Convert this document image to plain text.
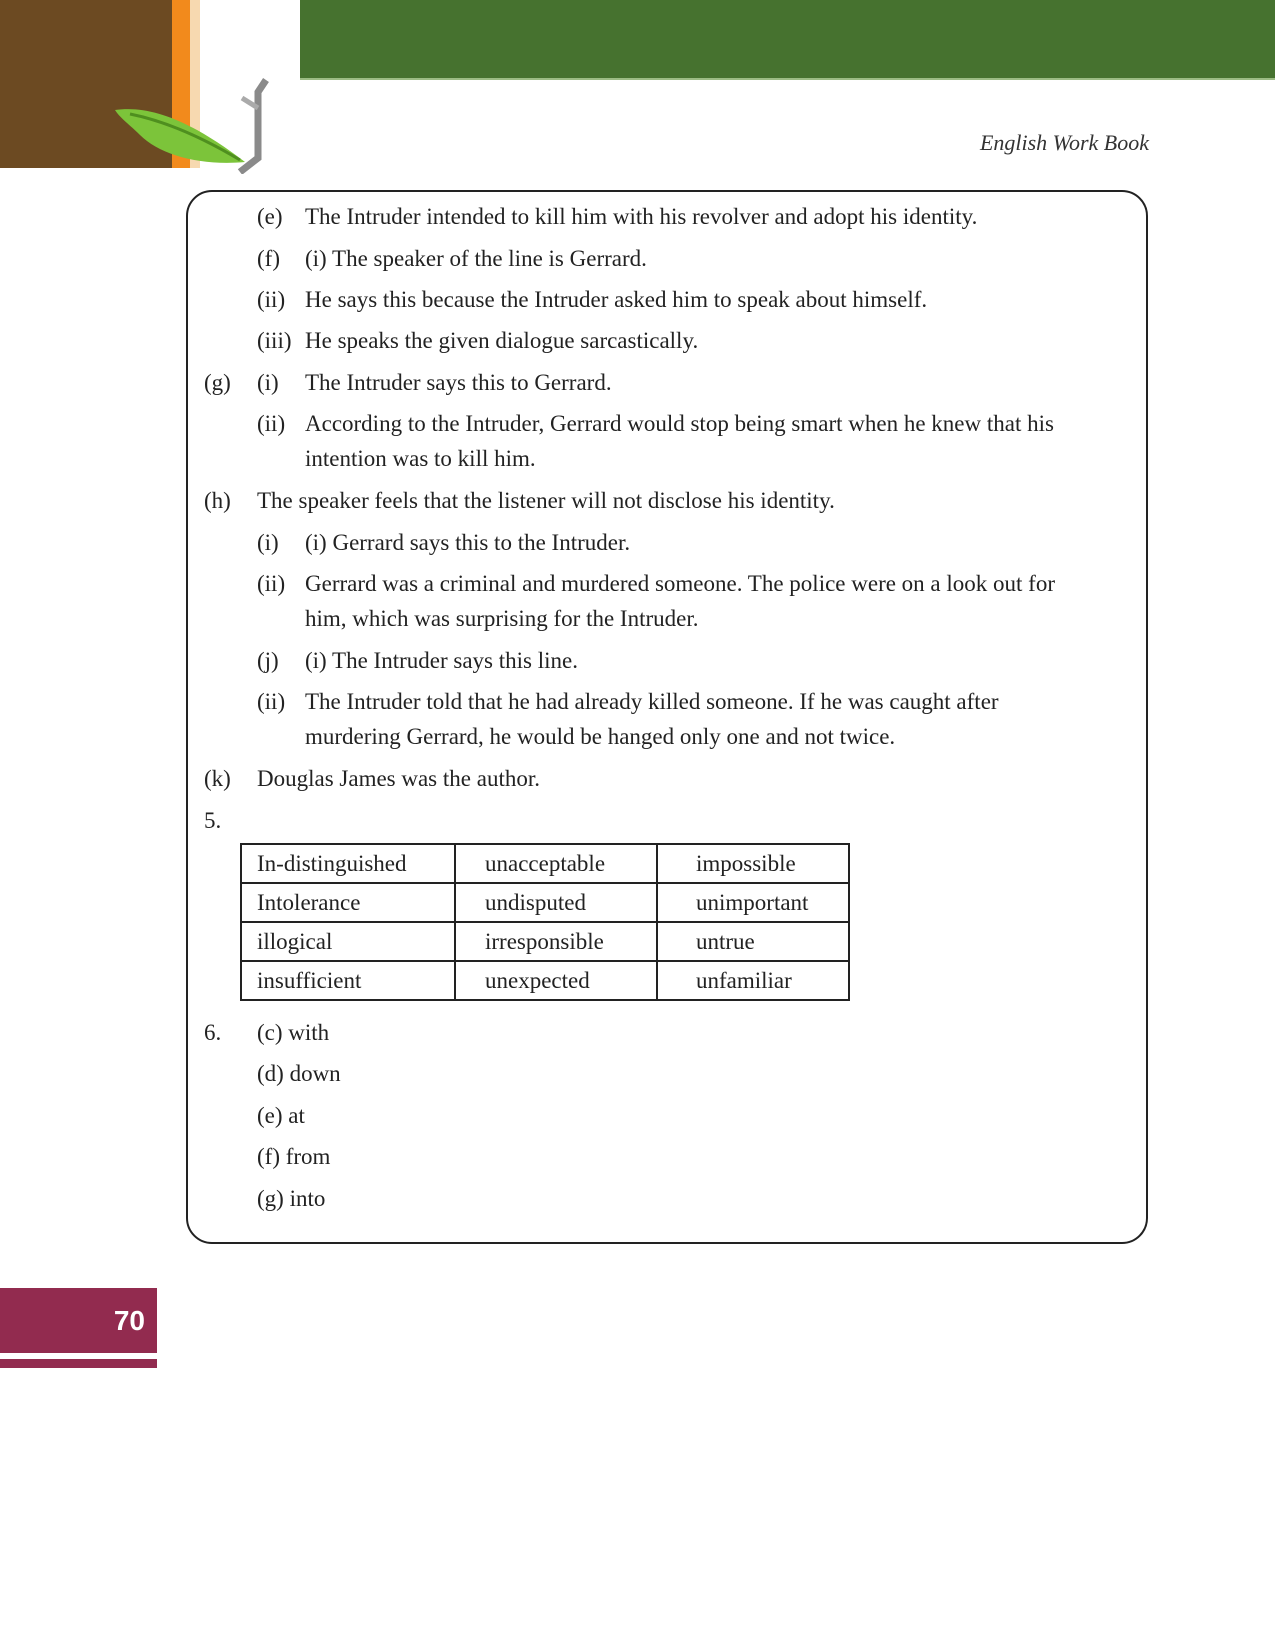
English Work Book
(e) The Intruder intended to kill him with his revolver and adopt his identity.
(f) (i) The speaker of the line is Gerrard.
(ii) He says this because the Intruder asked him to speak about himself.
(iii) He speaks the given dialogue sarcastically.
(g) (i) The Intruder says this to Gerrard.
(ii) According to the Intruder, Gerrard would stop being smart when he knew that his
intention was to kill him.
(h) The speaker feels that the listener will not disclose his identity.
(i) (i) Gerrard says this to the Intruder.
(ii) Gerrard was a criminal and murdered someone. The police were on a look out for
him, which was surprising for the Intruder.
(j) (i) The Intruder says this line.
(ii) The Intruder told that he had already killed someone. If he was caught after
murdering Gerrard, he would be hanged only one and not twice.
(k) Douglas James was the author.
5.
In-distinguished	unacceptable	impossible
Intolerance	undisputed	unimportant
illogical	irresponsible	untrue
insufficient	unexpected	unfamiliar
6. (c) with
(d) down
(e) at
(f) from
(g) into
70
